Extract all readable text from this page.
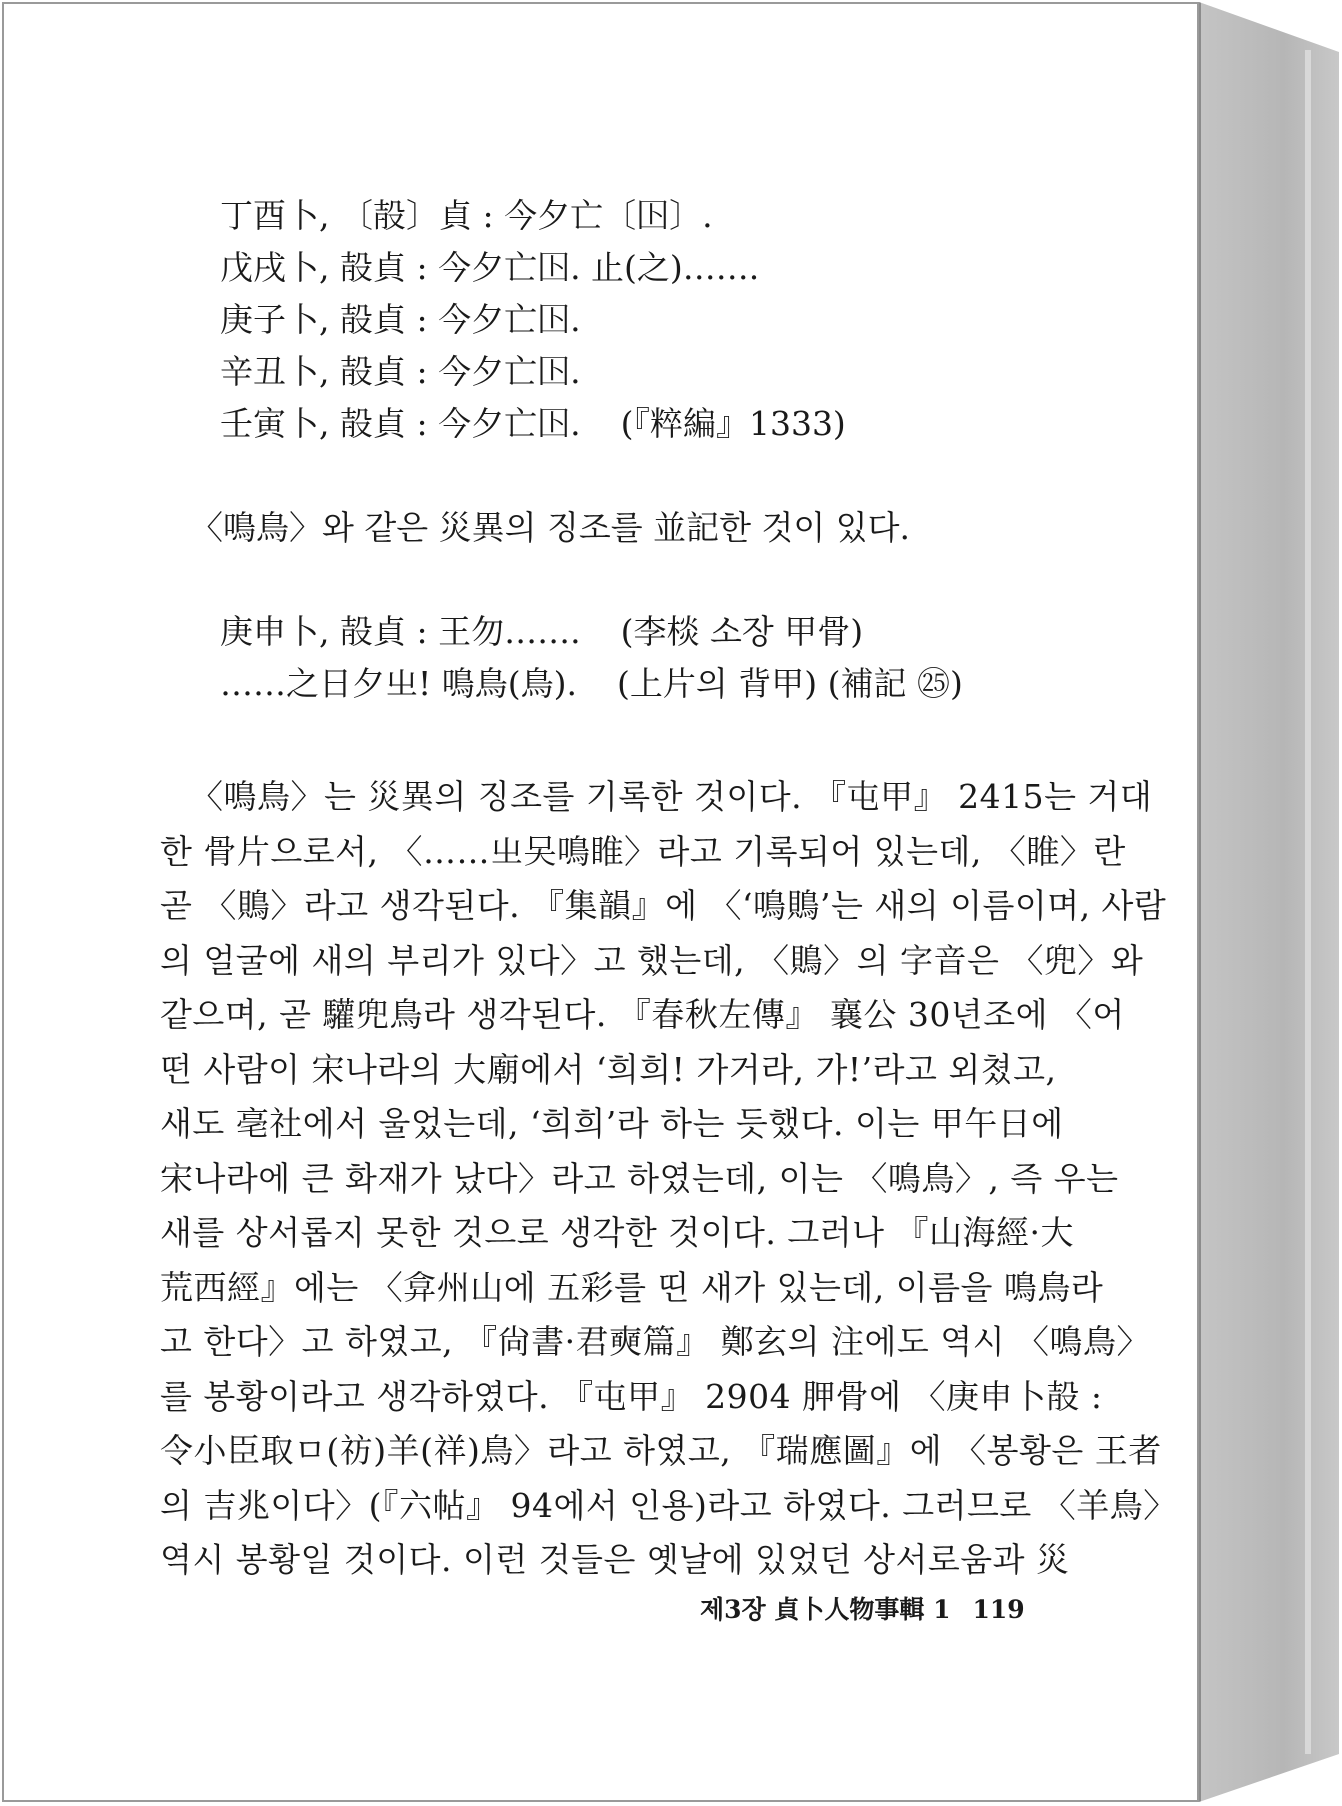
丁酉卜, 〔㱿〕貞 : 今夕亡〔𡆥〕.
戊戌卜, 㱿貞 : 今夕亡𡆥. 止(之)…….
庚子卜, 㱿貞 : 今夕亡𡆥.
辛丑卜, 㱿貞 : 今夕亡𡆥.
壬寅卜, 㱿貞 : 今夕亡𡆥. (『粹編』1333)
〈鳴鳥〉와 같은 災異의 징조를 並記한 것이 있다.
庚申卜, 㱿貞 : 王勿……. (李棪 소장 甲骨)
……之日夕㞢! 鳴鳥(鳥). (上片의 背甲) (補記 ㉕)
〈鳴鳥〉는 災異의 징조를 기록한 것이다. 『屯甲』 2415는 거대
한 骨片으로서, 〈……㞢㕦鳴睢〉라고 기록되어 있는데, 〈睢〉란
곧 〈鵙〉라고 생각된다. 『集韻』에 〈‘鳴鵙’는 새의 이름이며, 사람
의 얼굴에 새의 부리가 있다〉고 했는데, 〈鵙〉의 字音은 〈兜〉와
같으며, 곧 驩兜鳥라 생각된다. 『春秋左傳』 襄公 30년조에 〈어
떤 사람이 宋나라의 大廟에서 ‘희희! 가거라, 가!’라고 외쳤고,
새도 亳社에서 울었는데, ‘희희’라 하는 듯했다. 이는 甲午日에
宋나라에 큰 화재가 났다〉라고 하였는데, 이는 〈鳴鳥〉, 즉 우는
새를 상서롭지 못한 것으로 생각한 것이다. 그러나 『山海經·大
荒西經』에는 〈弇州山에 五彩를 띤 새가 있는데, 이름을 鳴鳥라
고 한다〉고 하였고, 『尙書·君奭篇』 鄭玄의 注에도 역시 〈鳴鳥〉
를 봉황이라고 생각하였다. 『屯甲』 2904 胛骨에 〈庚申卜㱿 :
令小臣取ㅁ(祊)羊(祥)鳥〉라고 하였고, 『瑞應圖』에 〈봉황은 王者
의 吉兆이다〉(『六帖』 94에서 인용)라고 하였다. 그러므로 〈羊鳥〉
역시 봉황일 것이다. 이런 것들은 옛날에 있었던 상서로움과 災
제3장 貞卜人物事輯 1 119
